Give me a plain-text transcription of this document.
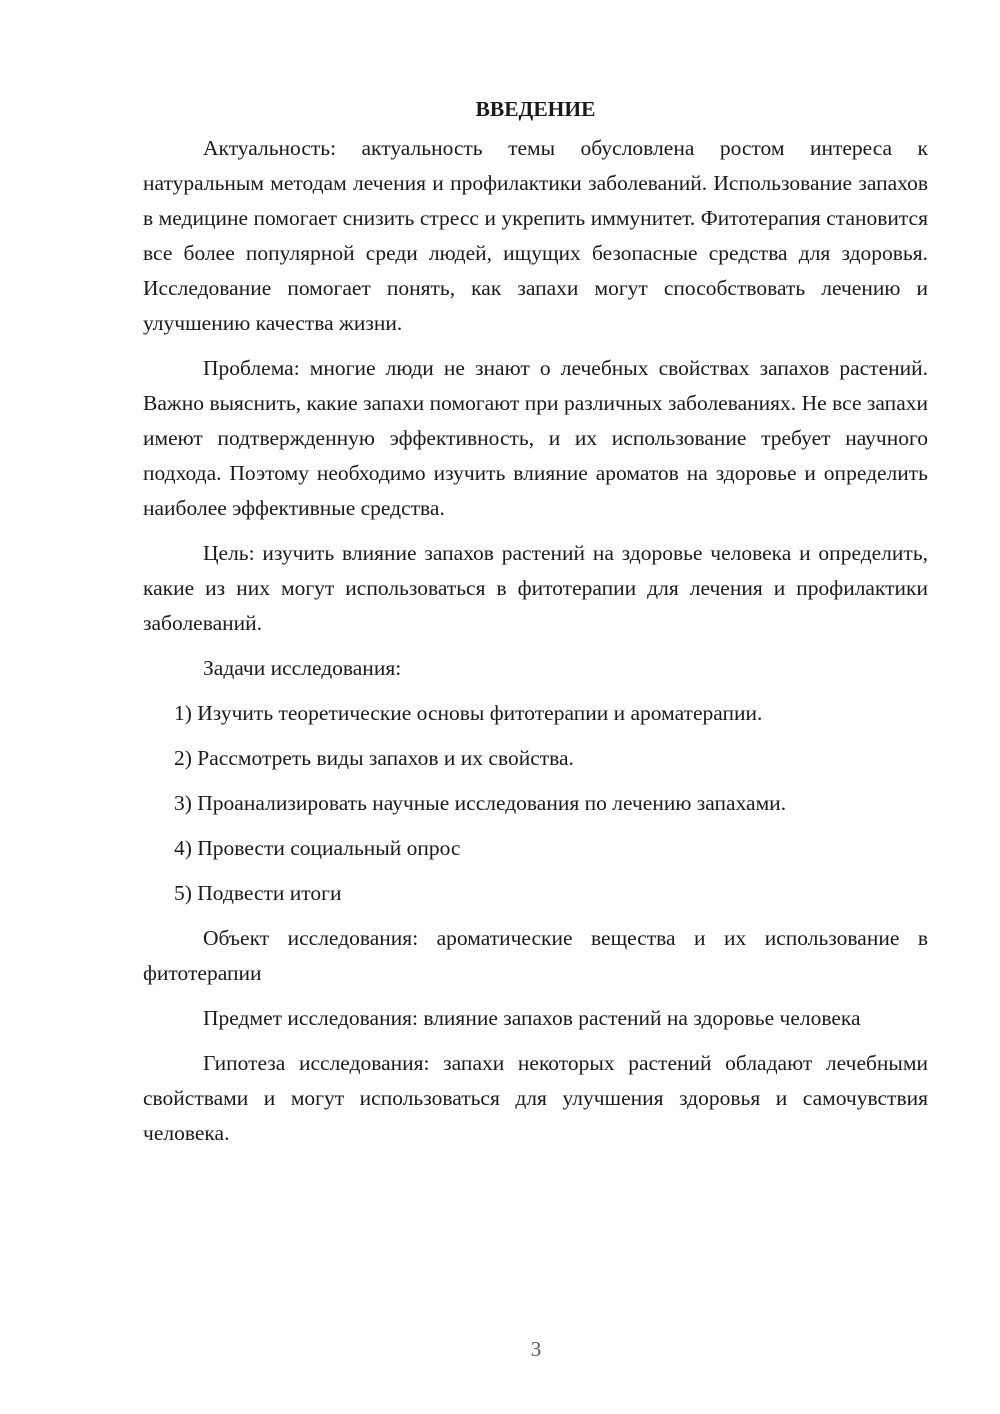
ВВЕДЕНИЕ

Актуальность: актуальность темы обусловлена ростом интереса к натуральным методам лечения и профилактики заболеваний. Использование запахов в медицине помогает снизить стресс и укрепить иммунитет. Фитотерапия становится все более популярной среди людей, ищущих безопасные средства для здоровья. Исследование помогает понять, как запахи могут способствовать лечению и улучшению качества жизни.

Проблема: многие люди не знают о лечебных свойствах запахов растений. Важно выяснить, какие запахи помогают при различных заболеваниях. Не все запахи имеют подтвержденную эффективность, и их использование требует научного подхода. Поэтому необходимо изучить влияние ароматов на здоровье и определить наиболее эффективные средства.

Цель: изучить влияние запахов растений на здоровье человека и определить, какие из них могут использоваться в фитотерапии для лечения и профилактики заболеваний.

Задачи исследования:

1) Изучить теоретические основы фитотерапии и ароматерапии.

2) Рассмотреть виды запахов и их свойства.

3) Проанализировать научные исследования по лечению запахами.

4) Провести социальный опрос

5) Подвести итоги

Объект исследования: ароматические вещества и их использование в фитотерапии

Предмет исследования: влияние запахов растений на здоровье человека

Гипотеза исследования: запахи некоторых растений обладают лечебными свойствами и могут использоваться для улучшения здоровья и самочувствия человека.

3
